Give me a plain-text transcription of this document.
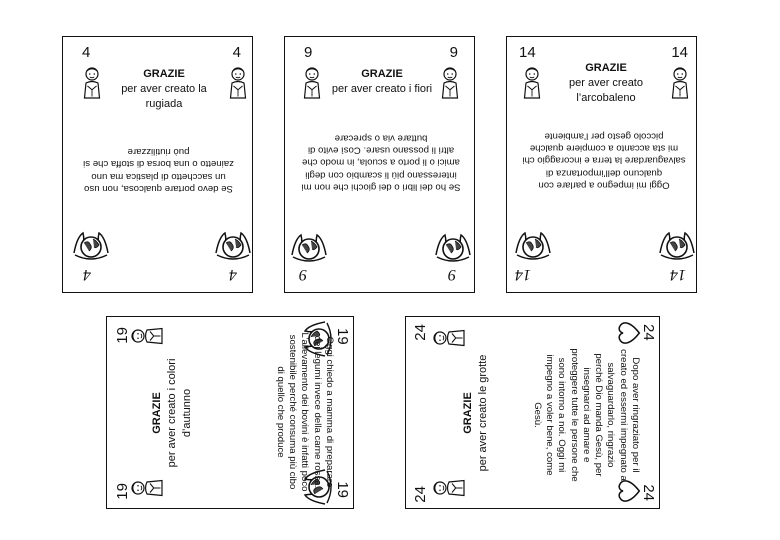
4	4
GRAZIE
per aver creato la rugiada
Se devo portare qualcosa, non uso un sacchetto di plastica ma uno zainetto o una borsa di stoffa che si può riutilizzare
4	4
9	9
GRAZIE
per aver creato i fiori
Se ho dei libri o dei giochi che non mi interessano più li scambio con degli amici o li porto a scuola, in modo che altri li possano usare. Così evito di buttare via o sprecare
9	9
14	14
GRAZIE
per aver creato l’arcobaleno
Oggi mi impegno a parlare con qualcuno dell’importanza di salvaguardare la terra e incoraggio chi mi sta accanto a compiere qualche piccolo gesto per l’ambiente
14	14
19
19
Oggi chiedo a mamma di preparare dei legumi invece della carne rossa. L’allevamento dei bovini è infatti poco sostenibile perché consuma più cibo di quello che produce
GRAZIE per aver creato i colori d’autunno
19
19
24
24
Dopo aver ringraziato per il creato ed essermi impegnato a salvaguardarlo, ringrazio perché Dio manda Gesù, per insegnarci ad amare e proteggere tutte le persone che sono intorno a noi. Oggi mi impegno a voler bene, come Gesù.
GRAZIE per aver creato le grotte
24
24
